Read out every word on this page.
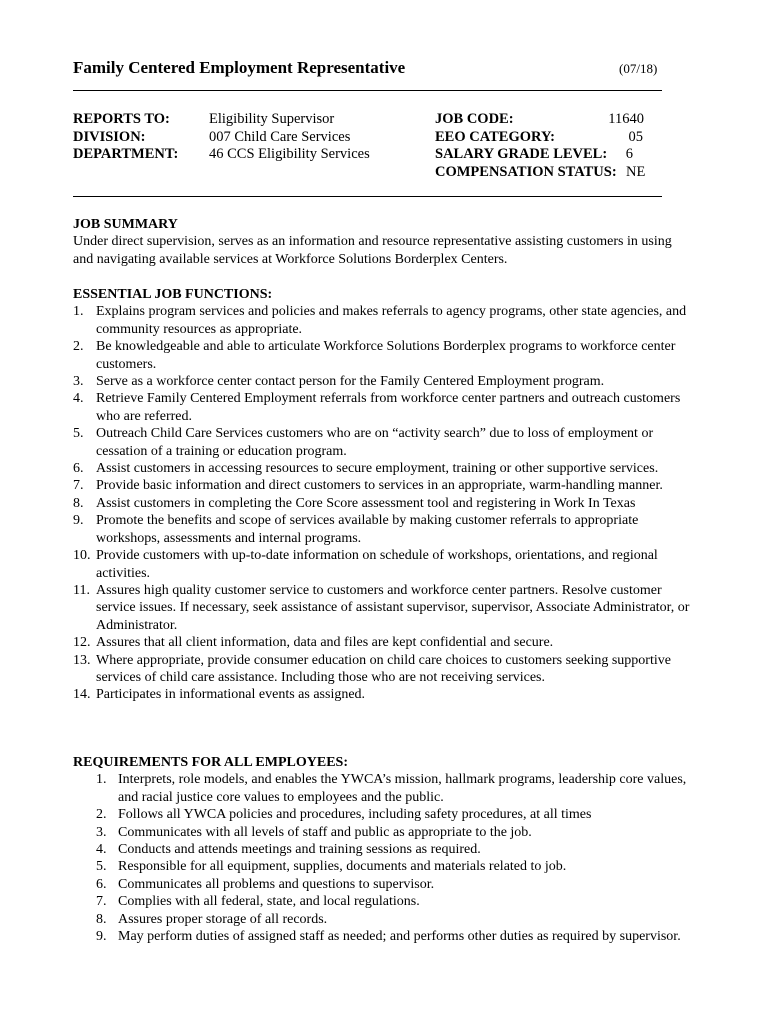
Family Centered Employment Representative	(07/18)
REPORTS TO:
DIVISION:
DEPARTMENT:
Eligibility Supervisor
007 Child Care Services
46 CCS Eligibility Services
JOB CODE:
EEO CATEGORY:
SALARY GRADE LEVEL:
COMPENSATION STATUS:
11640
05
6
NE
JOB SUMMARY
Under direct supervision, serves as an information and resource representative assisting customers in using and navigating available services at Workforce Solutions Borderplex Centers.
ESSENTIAL JOB FUNCTIONS:
1. Explains program services and policies and makes referrals to agency programs, other state agencies, and community resources as appropriate.
2. Be knowledgeable and able to articulate Workforce Solutions Borderplex programs to workforce center customers.
3. Serve as a workforce center contact person for the Family Centered Employment program.
4. Retrieve Family Centered Employment referrals from workforce center partners and outreach customers who are referred.
5. Outreach Child Care Services customers who are on “activity search” due to loss of employment or cessation of a training or education program.
6. Assist customers in accessing resources to secure employment, training or other supportive services.
7. Provide basic information and direct customers to services in an appropriate, warm-handling manner.
8. Assist customers in completing the Core Score assessment tool and registering in Work In Texas
9. Promote the benefits and scope of services available by making customer referrals to appropriate workshops, assessments and internal programs.
10. Provide customers with up-to-date information on schedule of workshops, orientations, and regional activities.
11. Assures high quality customer service to customers and workforce center partners. Resolve customer service issues. If necessary, seek assistance of assistant supervisor, supervisor, Associate Administrator, or Administrator.
12. Assures that all client information, data and files are kept confidential and secure.
13. Where appropriate, provide consumer education on child care choices to customers seeking supportive services of child care assistance. Including those who are not receiving services.
14. Participates in informational events as assigned.
REQUIREMENTS FOR ALL EMPLOYEES:
1. Interprets, role models, and enables the YWCA’s mission, hallmark programs, leadership core values, and racial justice core values to employees and the public.
2. Follows all YWCA policies and procedures, including safety procedures, at all times
3. Communicates with all levels of staff and public as appropriate to the job.
4. Conducts and attends meetings and training sessions as required.
5. Responsible for all equipment, supplies, documents and materials related to job.
6. Communicates all problems and questions to supervisor.
7. Complies with all federal, state, and local regulations.
8. Assures proper storage of all records.
9. May perform duties of assigned staff as needed; and performs other duties as required by supervisor.
